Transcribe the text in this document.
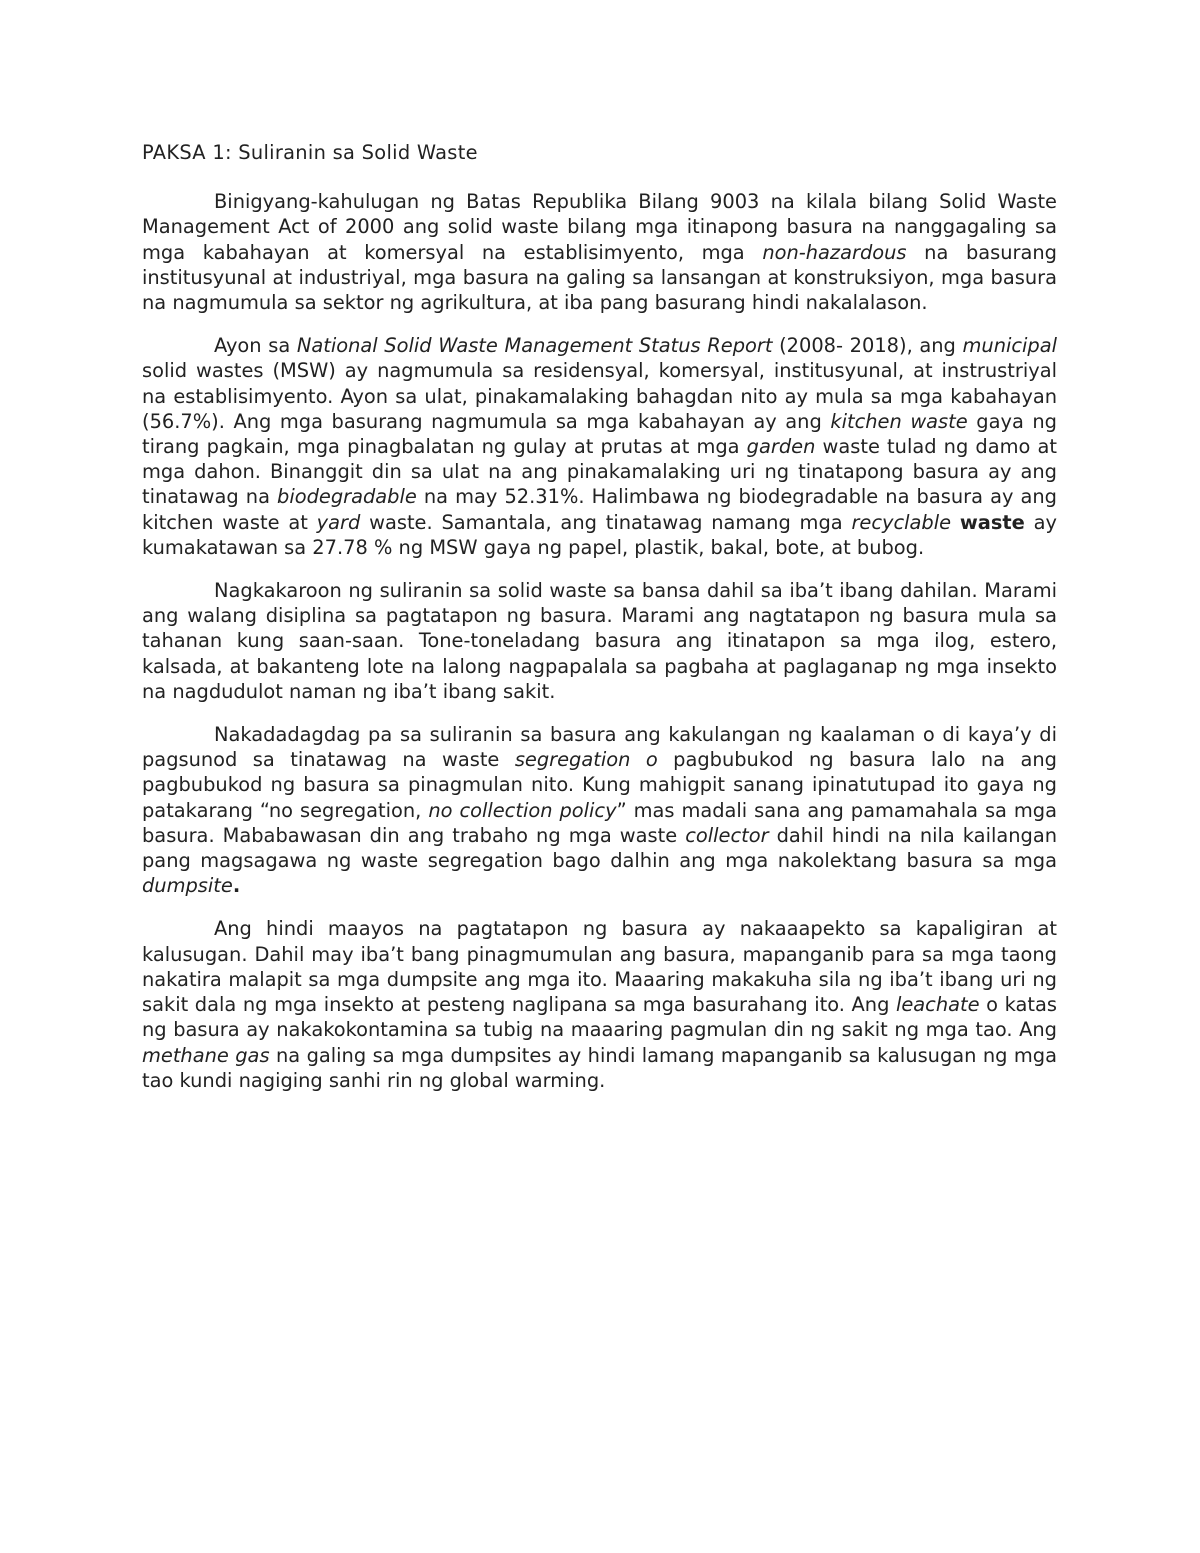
PAKSA 1: Suliranin sa Solid Waste

Binigyang-kahulugan ng Batas Republika Bilang 9003 na kilala bilang Solid Waste Management Act of 2000 ang solid waste bilang mga itinapong basura na nanggagaling sa mga kabahayan at komersyal na establisimyento, mga non-hazardous na basurang institusyunal at industriyal, mga basura na galing sa lansangan at konstruksiyon, mga basura na nagmumula sa sektor ng agrikultura, at iba pang basurang hindi nakalalason.

Ayon sa National Solid Waste Management Status Report (2008- 2018), ang municipal solid wastes (MSW) ay nagmumula sa residensyal, komersyal, institusyunal, at instrustriyal na establisimyento. Ayon sa ulat, pinakamalaking bahagdan nito ay mula sa mga kabahayan (56.7%). Ang mga basurang nagmumula sa mga kabahayan ay ang kitchen waste gaya ng tirang pagkain, mga pinagbalatan ng gulay at prutas at mga garden waste tulad ng damo at mga dahon. Binanggit din sa ulat na ang pinakamalaking uri ng tinatapong basura ay ang tinatawag na biodegradable na may 52.31%. Halimbawa ng biodegradable na basura ay ang kitchen waste at yard waste. Samantala, ang tinatawag namang mga recyclable waste ay kumakatawan sa 27.78 % ng MSW gaya ng papel, plastik, bakal, bote, at bubog.

Nagkakaroon ng suliranin sa solid waste sa bansa dahil sa iba’t ibang dahilan. Marami ang walang disiplina sa pagtatapon ng basura. Marami ang nagtatapon ng basura mula sa tahanan kung saan-saan. Tone-toneladang basura ang itinatapon sa mga ilog, estero, kalsada, at bakanteng lote na lalong nagpapalala sa pagbaha at paglaganap ng mga insekto na nagdudulot naman ng iba’t ibang sakit.

Nakadadagdag pa sa suliranin sa basura ang kakulangan ng kaalaman o di kaya’y di pagsunod sa tinatawag na waste segregation o pagbubukod ng basura lalo na ang pagbubukod ng basura sa pinagmulan nito. Kung mahigpit sanang ipinatutupad ito gaya ng patakarang “no segregation, no collection policy” mas madali sana ang pamamahala sa mga basura. Mababawasan din ang trabaho ng mga waste collector dahil hindi na nila kailangan pang magsagawa ng waste segregation bago dalhin ang mga nakolektang basura sa mga dumpsite.

Ang hindi maayos na pagtatapon ng basura ay nakaaapekto sa kapaligiran at kalusugan. Dahil may iba’t bang pinagmumulan ang basura, mapanganib para sa mga taong nakatira malapit sa mga dumpsite ang mga ito. Maaaring makakuha sila ng iba’t ibang uri ng sakit dala ng mga insekto at pesteng naglipana sa mga basurahang ito. Ang leachate o katas ng basura ay nakakokontamina sa tubig na maaaring pagmulan din ng sakit ng mga tao. Ang methane gas na galing sa mga dumpsites ay hindi lamang mapanganib sa kalusugan ng mga tao kundi nagiging sanhi rin ng global warming.
